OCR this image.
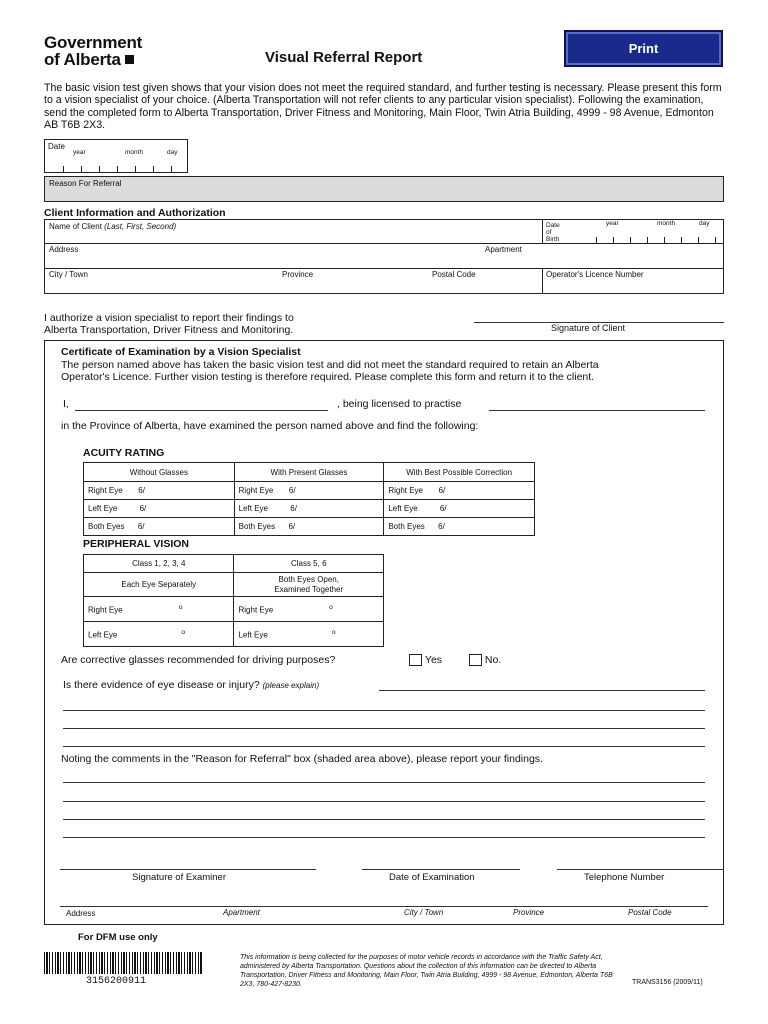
Government
of Alberta	Visual Referral Report
Print
The basic vision test given shows that your vision does not meet the required standard, and further testing is necessary. Please present this form to a vision specialist of your choice. (Alberta Transportation will not refer clients to any particular vision specialist). Following the examination, send the completed form to Alberta Transportation, Driver Fitness and Monitoring, Main Floor, Twin Atria Building, 4999 - 98 Avenue, Edmonton AB T6B 2X3.
Date
year	month	day
Reason For Referral
Client Information and Authorization
Name of Client (Last, First, Second)	Date
of
Birth
year	month	day
Address	Apartment
City / Town	Province	Postal Code	Operator's Licence Number
I authorize a vision specialist to report their findings to
Alberta Transportation, Driver Fitness and Monitoring.	Signature of Client
Certificate of Examination by a Vision Specialist
The person named above has taken the basic vision test and did not meet the standard required to retain an Alberta
Operator's Licence. Further vision testing is therefore required. Please complete this form and return it to the client.
I,	, being licensed to practise
in the Province of Alberta, have examined the person named above and find the following:
ACUITY RATING
Without Glasses	With Present Glasses	With Best Possible Correction
Right Eye 6/	Right Eye 6/	Right Eye 6/
Left Eye 6/	Left Eye 6/	Left Eye 6/
Both Eyes 6/	Both Eyes 6/	Both Eyes 6/
PERIPHERAL VISION
Class 1, 2, 3, 4	Class 5, 6
Each Eye Separately	Both Eyes Open,
Examined Together

Right Eye $^o$	Right Eye $^o$
Left Eye $^o$	Left Eye $^o$
Are corrective glasses recommended for driving purposes?	Yes	No.
Is there evidence of eye disease or injury? (please explain)
Noting the comments in the "Reason for Referral" box (shaded area above), please report your findings.
Signature of Examiner	Date of Examination	Telephone Number
Address	Apartment	City / Town	Province	Postal Code
For DFM use only
3156200911
This information is being collected for the purposes of motor vehicle records in accordance with the Traffic Safety Act, administered by Alberta Transportation. Questions about the collection of this information can be directed to Alberta Transportation, Driver Fitness and Monitoring, Main Floor, Twin Atria Building, 4999 - 98 Avenue, Edmonton, Alberta T6B 2X3, 780-427-8230.	TRANS3156 (2009/11)
